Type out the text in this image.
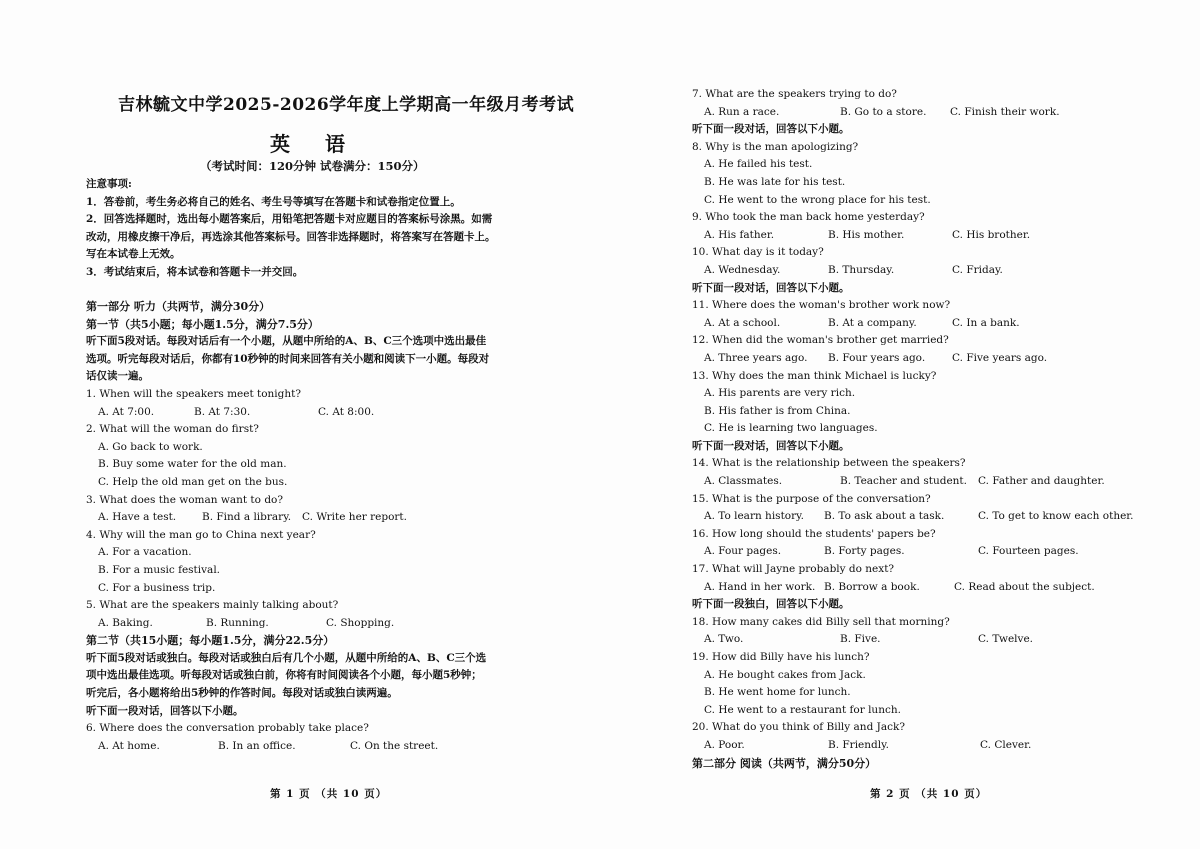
吉林毓文中学2025-2026学年度上学期高一年级月考考试
英 语
（考试时间：120分钟 试卷满分：150分）
注意事项:
1．答卷前，考生务必将自己的姓名、考生号等填写在答题卡和试卷指定位置上。
2．回答选择题时，选出每小题答案后，用铅笔把答题卡对应题目的答案标号涂黑。如需
改动，用橡皮擦干净后，再选涂其他答案标号。回答非选择题时，将答案写在答题卡上。
写在本试卷上无效。
3．考试结束后，将本试卷和答题卡一并交回。
第一部分 听力（共两节，满分30分）
第一节（共5小题；每小题1.5分，满分7.5分）
听下面5段对话。每段对话后有一个小题，从题中所给的A、B、C三个选项中选出最佳
选项。听完每段对话后，你都有10秒钟的时间来回答有关小题和阅读下一小题。每段对
话仅读一遍。
1. When will the speakers meet tonight?
A. At 7:00.	B. At 7:30.	C. At 8:00.
2. What will the woman do first?
A. Go back to work.
B. Buy some water for the old man.
C. Help the old man get on the bus.
3. What does the woman want to do?
A. Have a test.	B. Find a library.	C. Write her report.
4. Why will the man go to China next year?
A. For a vacation.
B. For a music festival.
C. For a business trip.
5. What are the speakers mainly talking about?
A. Baking.	B. Running.	C. Shopping.
第二节（共15小题；每小题1.5分，满分22.5分）
听下面5段对话或独白。每段对话或独白后有几个小题，从题中所给的A、B、C三个选
项中选出最佳选项。听每段对话或独白前，你将有时间阅读各个小题，每小题5秒钟；
听完后，各小题将给出5秒钟的作答时间。每段对话或独白读两遍。
听下面一段对话，回答以下小题。
6. Where does the conversation probably take place?
A. At home.	B. In an office.	C. On the street.
第 1 页 （共 10 页）
7. What are the speakers trying to do?
A. Run a race.	B. Go to a store.	C. Finish their work.
听下面一段对话，回答以下小题。
8. Why is the man apologizing?
A. He failed his test.
B. He was late for his test.
C. He went to the wrong place for his test.
9. Who took the man back home yesterday?
A. His father.	B. His mother.	C. His brother.
10. What day is it today?
A. Wednesday.	B. Thursday.	C. Friday.
听下面一段对话，回答以下小题。
11. Where does the woman's brother work now?
A. At a school.	B. At a company.	C. In a bank.
12. When did the woman's brother get married?
A. Three years ago.	B. Four years ago.	C. Five years ago.
13. Why does the man think Michael is lucky?
A. His parents are very rich.
B. His father is from China.
C. He is learning two languages.
听下面一段对话，回答以下小题。
14. What is the relationship between the speakers?
A. Classmates.	B. Teacher and student.	C. Father and daughter.
15. What is the purpose of the conversation?
A. To learn history.	B. To ask about a task.	C. To get to know each other.
16. How long should the students' papers be?
A. Four pages.	B. Forty pages.	C. Fourteen pages.
17. What will Jayne probably do next?
A. Hand in her work. B. Borrow a book.	C. Read about the subject.
听下面一段独白，回答以下小题。
18. How many cakes did Billy sell that morning?
A. Two.	B. Five.	C. Twelve.
19. How did Billy have his lunch?
A. He bought cakes from Jack.
B. He went home for lunch.
C. He went to a restaurant for lunch.
20. What do you think of Billy and Jack?
A. Poor.	B. Friendly.	C. Clever.
第二部分 阅读（共两节，满分50分）
第 2 页 （共 10 页）
